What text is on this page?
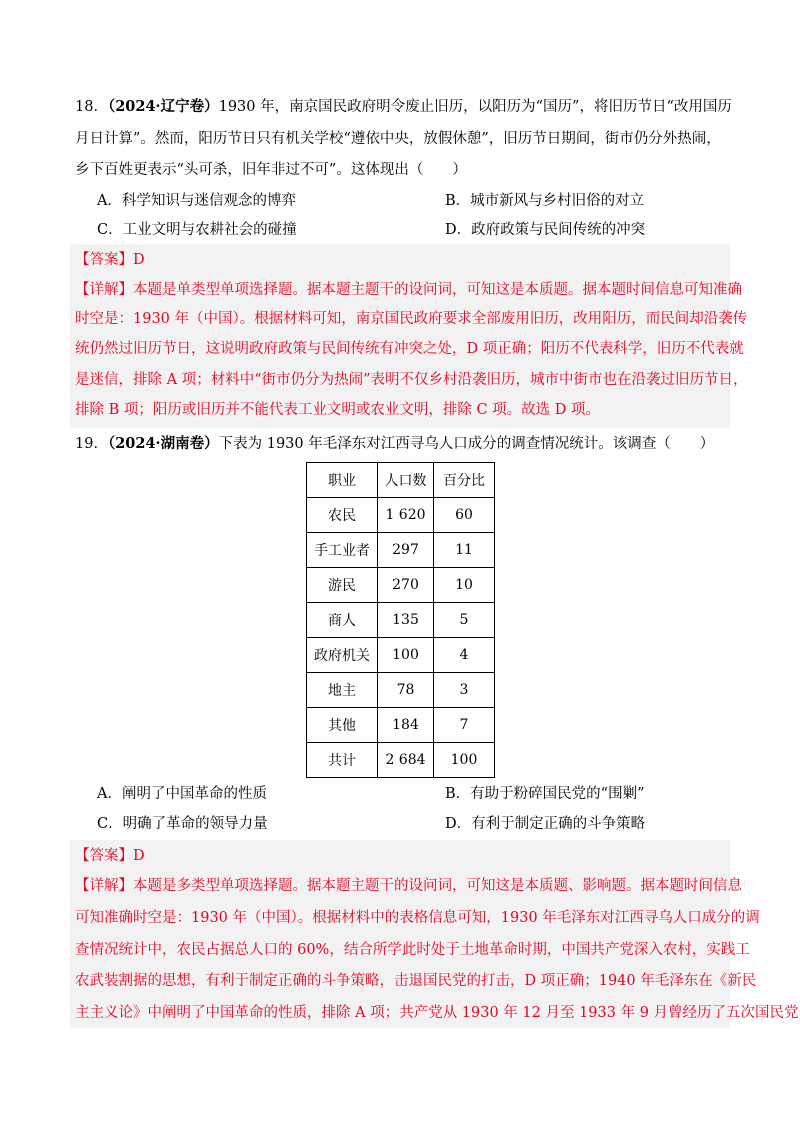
18．（2024·辽宁卷）1930 年，南京国民政府明令废止旧历，以阳历为“国历”，将旧历节日“改用国历
月日计算”。然而，阳历节日只有机关学校“遵依中央，放假休憩”，旧历节日期间，街市仍分外热闹，
乡下百姓更表示“头可杀，旧年非过不可”。这体现出（　　）
A．科学知识与迷信观念的博弈	B．城市新风与乡村旧俗的对立
C．工业文明与农耕社会的碰撞	D．政府政策与民间传统的冲突
【答案】D
【详解】本题是单类型单项选择题。据本题主题干的设问词，可知这是本质题。据本题时间信息可知准确
时空是：1930 年（中国）。根据材料可知，南京国民政府要求全部废用旧历，改用阳历，而民间却沿袭传
统仍然过旧历节日，这说明政府政策与民间传统有冲突之处，D 项正确；阳历不代表科学，旧历不代表就
是迷信，排除 A 项；材料中“街市仍分为热闹”表明不仅乡村沿袭旧历，城市中街市也在沿袭过旧历节日，
排除 B 项；阳历或旧历并不能代表工业文明或农业文明，排除 C 项。故选 D 项。
19．（2024·湖南卷）下表为 1930 年毛泽东对江西寻乌人口成分的调查情况统计。该调查（　　）
职业	人口数	百分比
农民	1 620	60
手工业者	297	11
游民	270	10
商人	135	5
政府机关	100	4
地主	78	3
其他	184	7
共计	2 684	100
A．阐明了中国革命的性质	B．有助于粉碎国民党的“围剿”
C．明确了革命的领导力量	D．有利于制定正确的斗争策略
【答案】D
【详解】本题是多类型单项选择题。据本题主题干的设问词，可知这是本质题、影响题。据本题时间信息
可知准确时空是：1930 年（中国）。根据材料中的表格信息可知，1930 年毛泽东对江西寻乌人口成分的调
查情况统计中，农民占据总人口的 60%，结合所学此时处于土地革命时期，中国共产党深入农村，实践工
农武装割据的思想，有利于制定正确的斗争策略，击退国民党的打击，D 项正确；1940 年毛泽东在《新民
主主义论》中阐明了中国革命的性质，排除 A 项；共产党从 1930 年 12 月至 1933 年 9 月曾经历了五次国民党
